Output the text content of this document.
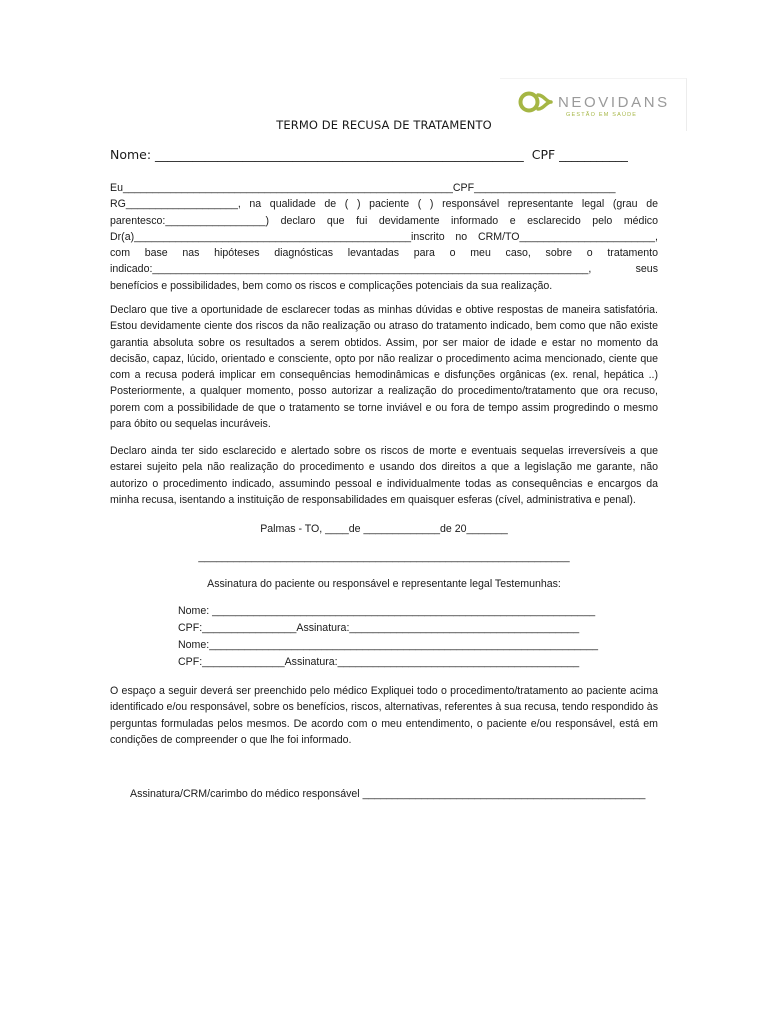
NEOVIDANS
GESTÃO EM SAÚDE
TERMO DE RECUSA DE TRATAMENTO
Nome: ___________________________________________________________  CPF ___________

Eu________________________________________________________CPF________________________ RG___________________, na qualidade de ( ) paciente ( ) responsável representante legal (grau de parentesco:_________________) declaro que fui devidamente informado e esclarecido pelo médico Dr(a)_______________________________________________inscrito no CRM/TO_______________________, com base nas hipóteses diagnósticas levantadas para o meu caso, sobre o tratamento indicado:__________________________________________________________________________, seus benefícios e possibilidades, bem como os riscos e complicações potenciais da sua realização.

Declaro que tive a oportunidade de esclarecer todas as minhas dúvidas e obtive respostas de maneira satisfatória. Estou devidamente ciente dos riscos da não realização ou atraso do tratamento indicado, bem como que não existe garantia absoluta sobre os resultados a serem obtidos. Assim, por ser maior de idade e estar no momento da decisão, capaz, lúcido, orientado e consciente, opto por não realizar o procedimento acima mencionado, ciente que com a recusa poderá implicar em consequências hemodinâmicas e disfunções orgânicas (ex. renal, hepática ..) Posteriormente, a qualquer momento, posso autorizar a realização do procedimento/tratamento que ora recuso, porem com a possibilidade de que o tratamento se torne inviável e ou fora de tempo assim progredindo o mesmo para óbito ou sequelas incuráveis.

Declaro ainda ter sido esclarecido e alertado sobre os riscos de morte e eventuais sequelas irreversíveis a que estarei sujeito pela não realização do procedimento e usando dos direitos a que a legislação me garante, não autorizo o procedimento indicado, assumindo pessoal e individualmente todas as consequências e encargos da minha recusa, isentando a instituição de responsabilidades em quaisquer esferas (cível, administrativa e penal).

Palmas - TO, ____de _____________de 20_______
_______________________________________________________________
Assinatura do paciente ou responsável e representante legal Testemunhas:
Nome: _________________________________________________________________
CPF:________________Assinatura:_______________________________________
Nome:__________________________________________________________________
CPF:______________Assinatura:_________________________________________

O espaço a seguir deverá ser preenchido pelo médico Expliquei todo o procedimento/tratamento ao paciente acima identificado e/ou responsável, sobre os benefícios, riscos, alternativas, referentes à sua recusa, tendo respondido às perguntas formuladas pelos mesmos. De acordo com o meu entendimento, o paciente e/ou responsável, está em condições de compreender o que lhe foi informado.

Assinatura/CRM/carimbo do médico responsável ________________________________________________
